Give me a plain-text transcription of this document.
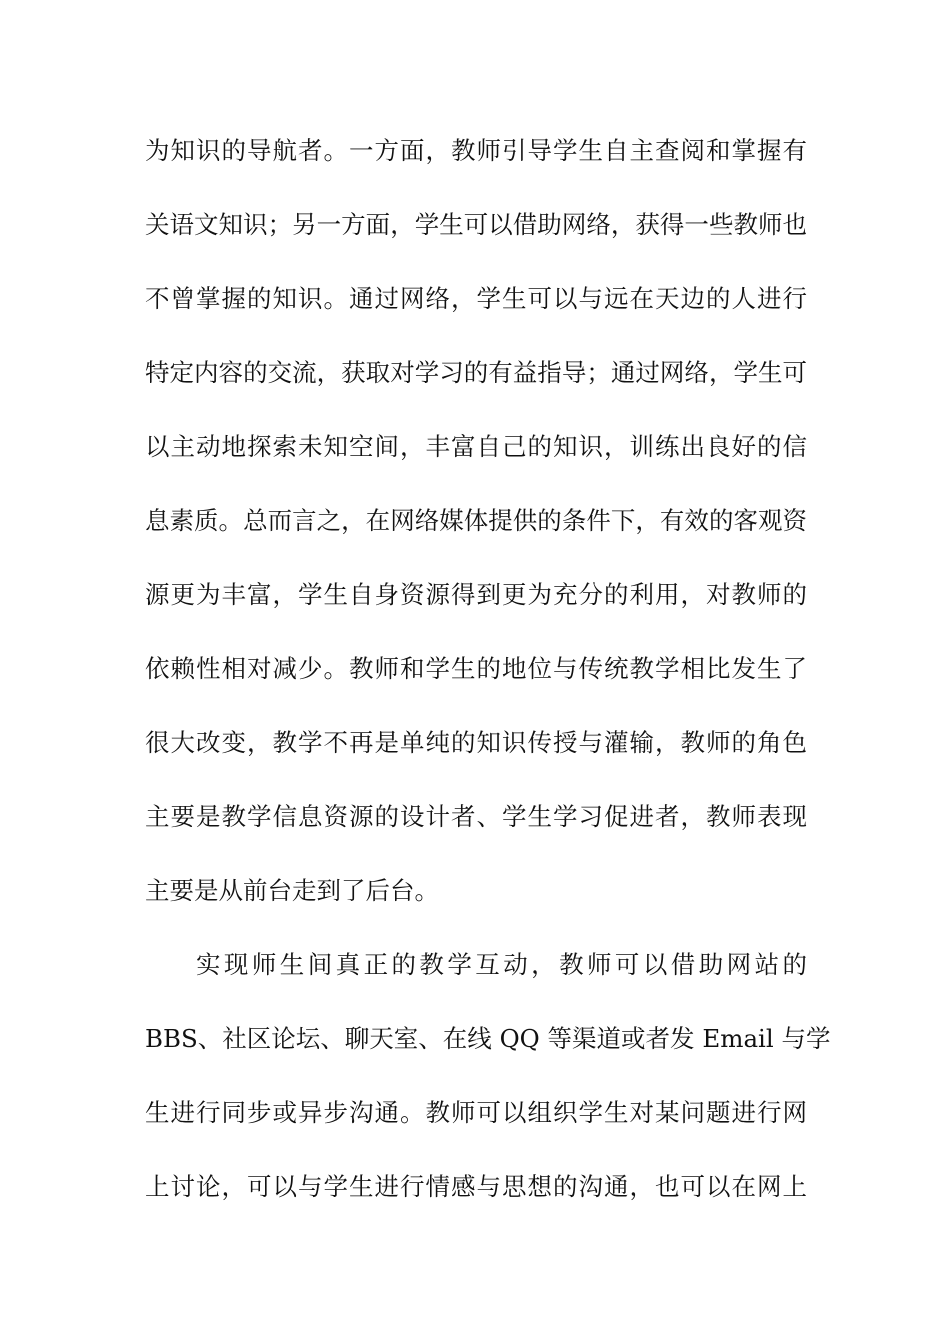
为知识的导航者。一方面，教师引导学生自主查阅和掌握有
关语文知识；另一方面，学生可以借助网络，获得一些教师也
不曾掌握的知识。通过网络，学生可以与远在天边的人进行
特定内容的交流，获取对学习的有益指导；通过网络，学生可
以主动地探索未知空间，丰富自己的知识，训练出良好的信
息素质。总而言之，在网络媒体提供的条件下，有效的客观资
源更为丰富，学生自身资源得到更为充分的利用，对教师的
依赖性相对减少。教师和学生的地位与传统教学相比发生了
很大改变，教学不再是单纯的知识传授与灌输，教师的角色
主要是教学信息资源的设计者、学生学习促进者，教师表现
主要是从前台走到了后台。
实现师生间真正的教学互动，教师可以借助网站的
BBS、社区论坛、聊天室、在线 QQ 等渠道或者发 Email 与学
生进行同步或异步沟通。教师可以组织学生对某问题进行网
上讨论，可以与学生进行情感与思想的沟通，也可以在网上
